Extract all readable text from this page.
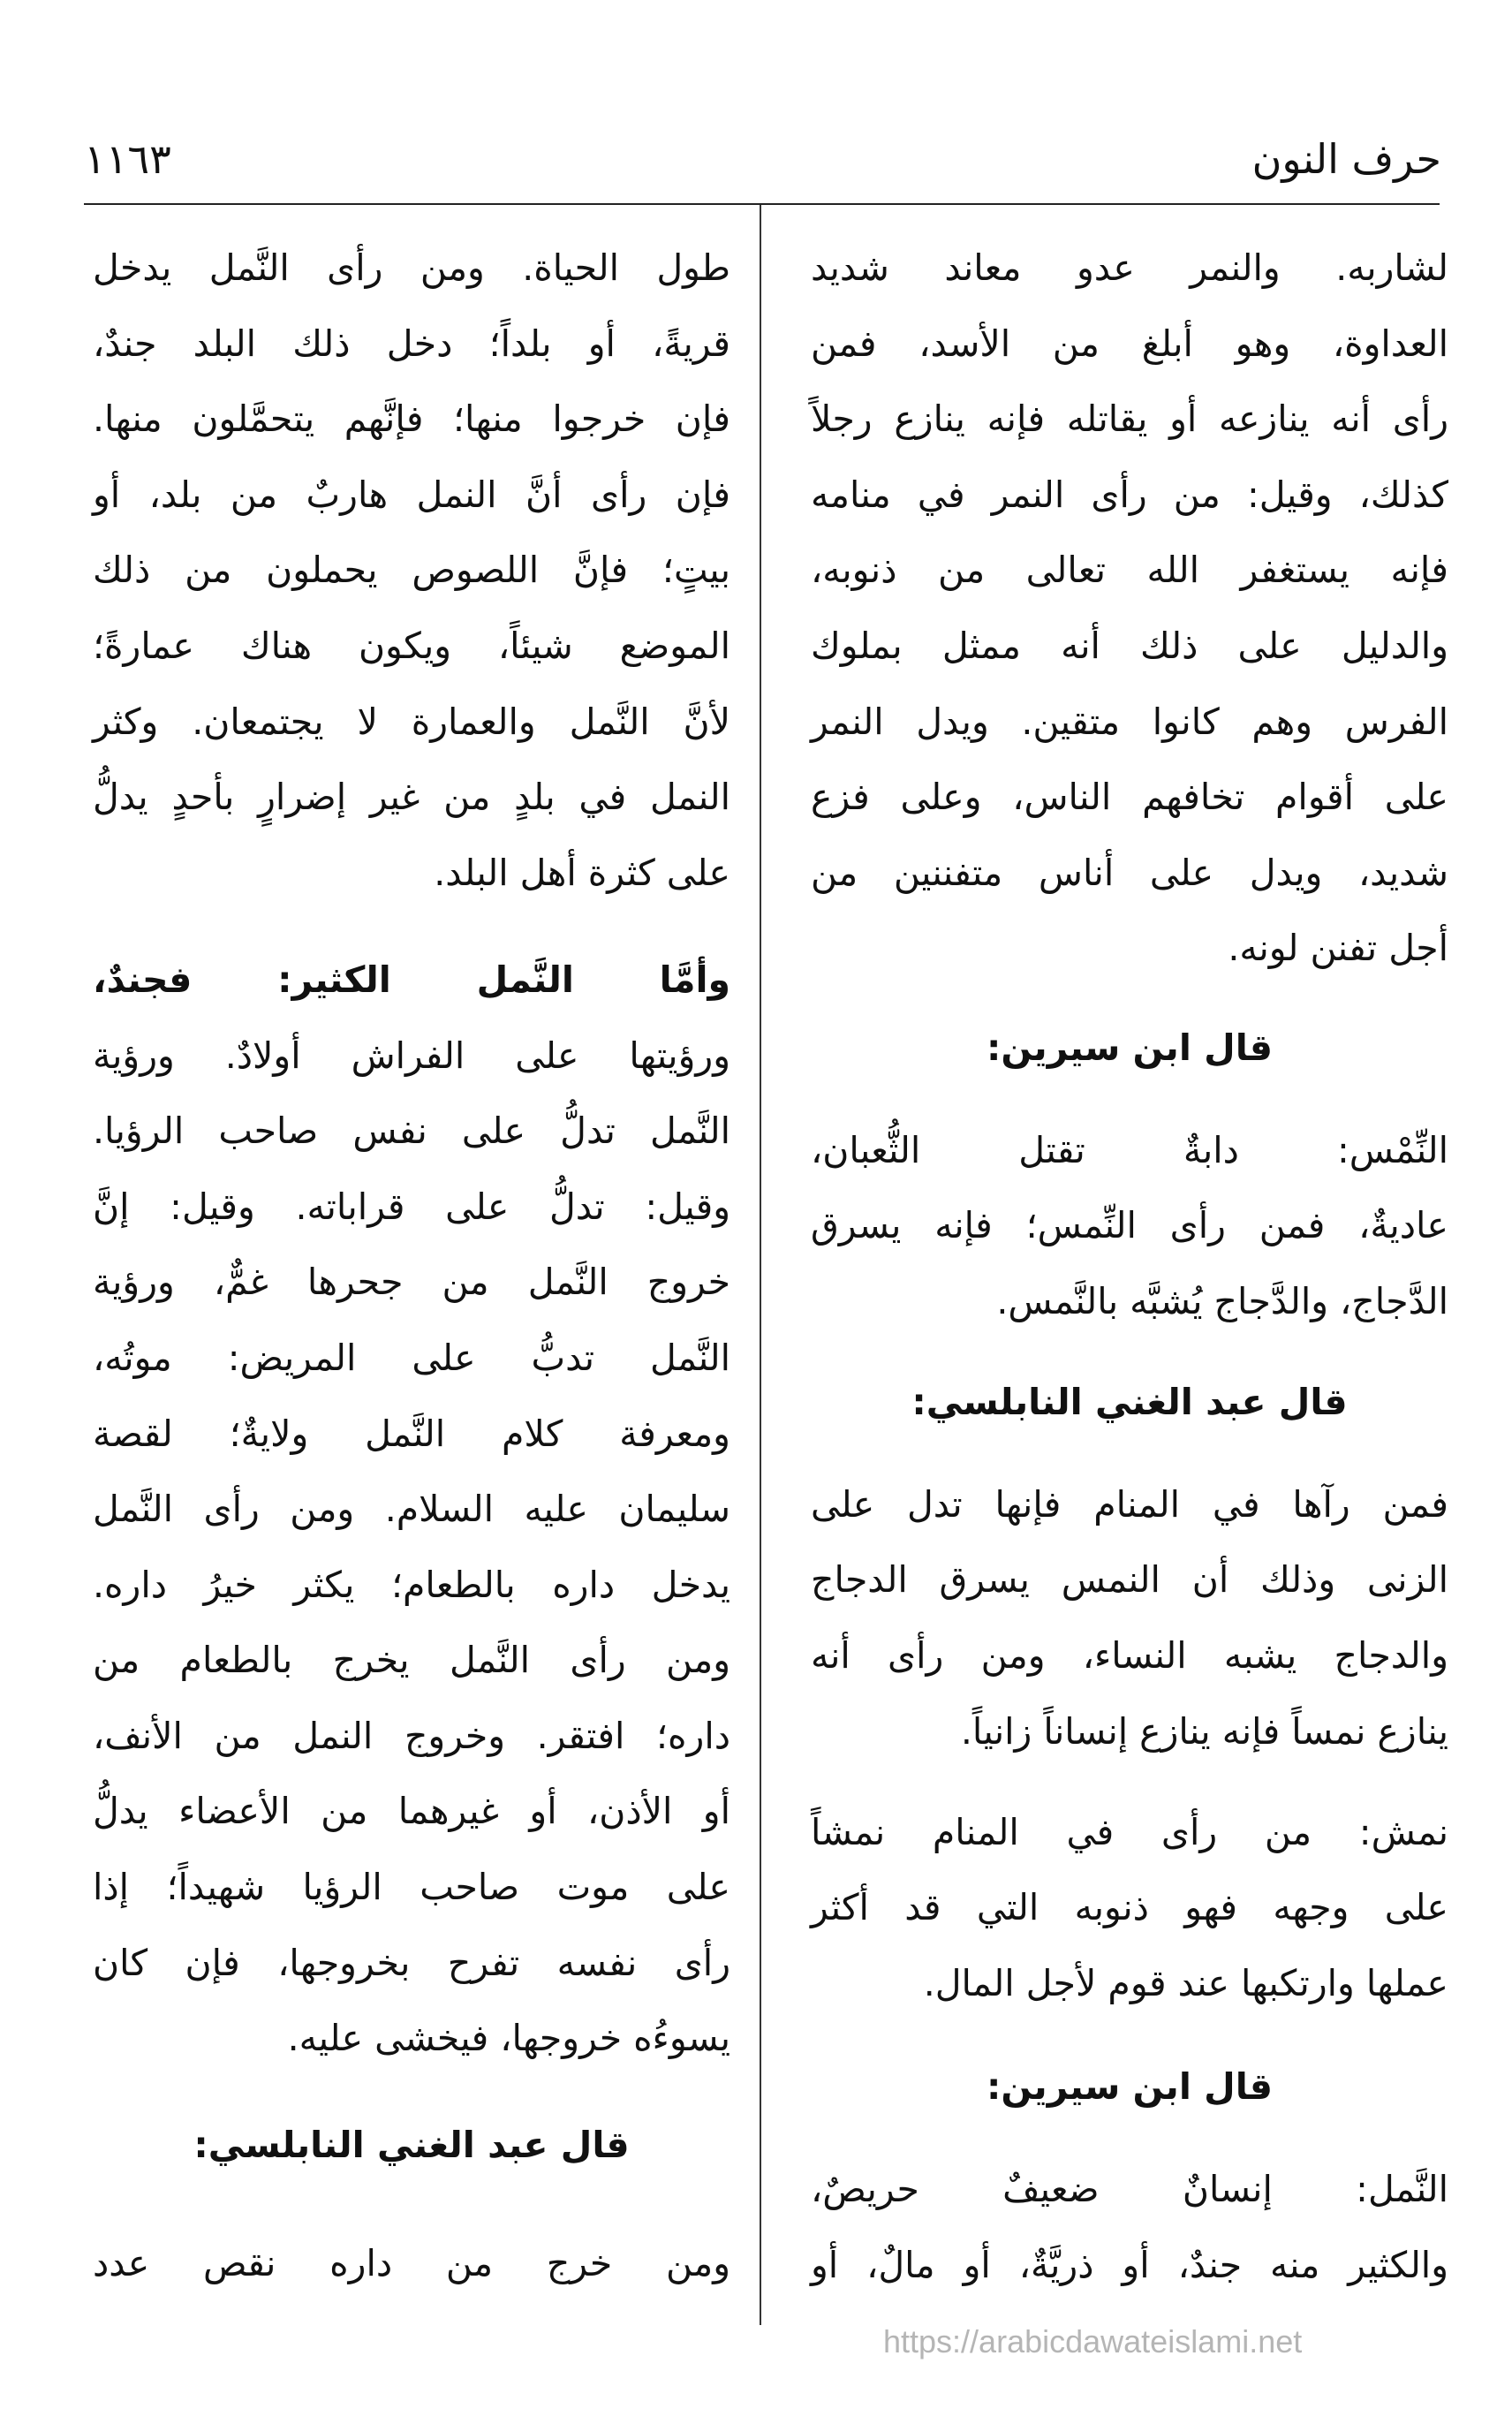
حرف النون
١١٦٣
لشاربه. والنمر عدو معاند شديد
العداوة، وهو أبلغ من الأسد، فمن
رأى أنه ينازعه أو يقاتله فإنه ينازع رجلاً
كذلك، وقيل: من رأى النمر في منامه
فإنه يستغفر الله تعالى من ذنوبه،
والدليل على ذلك أنه ممثل بملوك
الفرس وهم كانوا متقين. ويدل النمر
على أقوام تخافهم الناس، وعلى فزع
شديد، ويدل على أناس متفننين من
أجل تفنن لونه.
قال ابن سيرين:
النِّمْس: دابةٌ تقتل الثُّعبان،
عاديةٌ، فمن رأى النِّمس؛ فإنه يسرق
الدَّجاج، والدَّجاج يُشبَّه بالنَّمس.
قال عبد الغني النابلسي:
فمن رآها في المنام فإنها تدل على
الزنى وذلك أن النمس يسرق الدجاج
والدجاج يشبه النساء، ومن رأى أنه
ينازع نمساً فإنه ينازع إنساناً زانياً.
نمش: من رأى في المنام نمشاً
على وجهه فهو ذنوبه التي قد أكثر
عملها وارتكبها عند قوم لأجل المال.
قال ابن سيرين:
النَّمل: إنسانٌ ضعيفٌ حريصٌ،
والكثير منه جندٌ، أو ذريَّةٌ، أو مالٌ، أو
طول الحياة. ومن رأى النَّمل يدخل
قريةً، أو بلداً؛ دخل ذلك البلد جندٌ،
فإن خرجوا منها؛ فإنَّهم يتحمَّلون منها.
فإن رأى أنَّ النمل هاربٌ من بلد، أو
بيتٍ؛ فإنَّ اللصوص يحملون من ذلك
الموضع شيئاً، ويكون هناك عمارةً؛
لأنَّ النَّمل والعمارة لا يجتمعان. وكثر
النمل في بلدٍ من غير إضرارٍ بأحدٍ يدلُّ
على كثرة أهل البلد.
وأمَّا النَّمل الكثير: فجندٌ،
ورؤيتها على الفراش أولادٌ. ورؤية
النَّمل تدلُّ على نفس صاحب الرؤيا.
وقيل: تدلُّ على قراباته. وقيل: إنَّ
خروج النَّمل من جحرها غمٌّ، ورؤية
النَّمل تدبُّ على المريض: موتُه،
ومعرفة كلام النَّمل ولايةٌ؛ لقصة
سليمان عليه السلام. ومن رأى النَّمل
يدخل داره بالطعام؛ يكثر خيرُ داره.
ومن رأى النَّمل يخرج بالطعام من
داره؛ افتقر. وخروج النمل من الأنف،
أو الأذن، أو غيرهما من الأعضاء يدلُّ
على موت صاحب الرؤيا شهيداً؛ إذا
رأى نفسه تفرح بخروجها، فإن كان
يسوءُه خروجها، فيخشى عليه.
قال عبد الغني النابلسي:
ومن خرج من داره نقص عدد
https://arabicdawateislami.net
